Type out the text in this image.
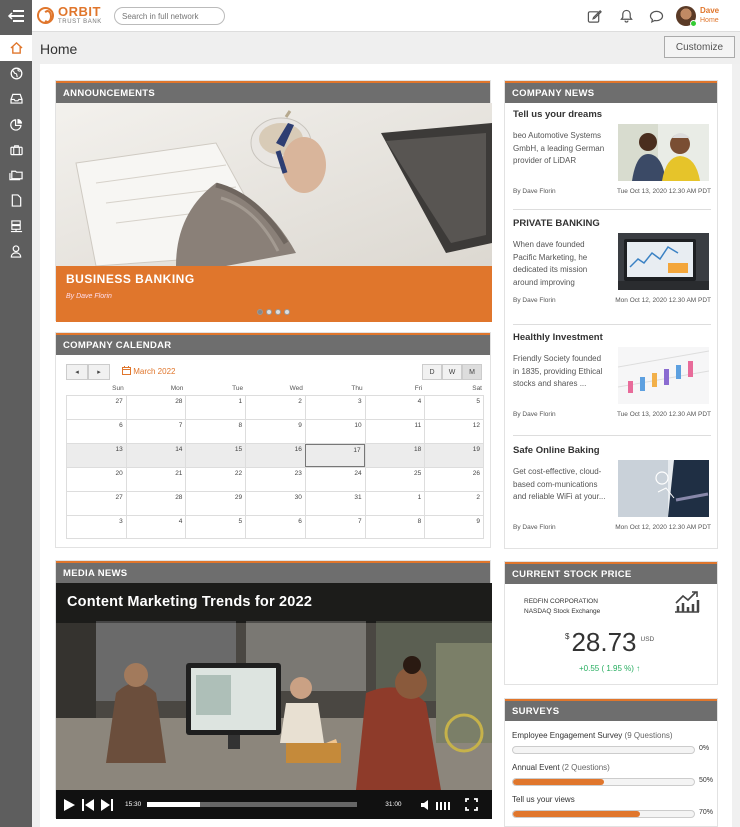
ORBIT
TRUST BANK
Search in full network
Dave
Home
Home	Customize
ANNOUNCEMENTS
BUSINESS BANKING
By Dave Florin
COMPANY CALENDAR
◂	▸	March 2022	D	W	M
Sun	Mon	Tue	Wed	Thu	Fri	Sat
27	28	1	2	3	4	5
6	7	8	9	10	11	12
13	14	15	16	17	18	19
20	21	22	23	24	25	26
27	28	29	30	31	1	2
3	4	5	6	7	8	9
MEDIA NEWS
Content Marketing Trends for 2022
15:30	31:00
COMPANY NEWS
Tell us your dreams
beo Automotive Systems GmbH, a leading German provider of LiDAR
By Dave Florin	Tue Oct 13, 2020 12.30 AM PDT
PRIVATE BANKING
When dave founded Pacific Marketing, he dedicated its mission around improving
By Dave Florin	Mon Oct 12, 2020 12.30 AM PDT
Healthly Investment
Friendly Society founded in 1835, providing Ethical stocks and shares ...
By Dave Florin	Tue Oct 13, 2020 12.30 AM PDT
Safe Online Baking
Get cost-effective, cloud-based com-munications and reliable WiFi at your...
By Dave Florin	Mon Oct 12, 2020 12.30 AM PDT
CURRENT STOCK PRICE
REDFIN CORPORATION
NASDAQ Stock Exchange
$28.73 $^{USD}$
+0.55 ( 1.95 %) ↑
SURVEYS
Employee Engagement Survey (9 Questions)
0%
Annual Event (2 Questions)
50%
Tell us your views
70%
